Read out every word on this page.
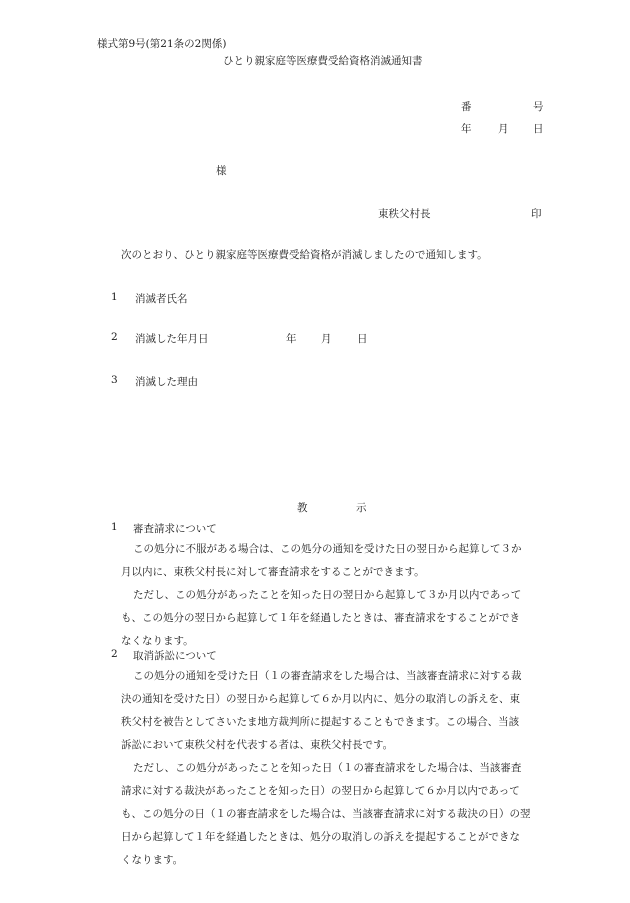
様式第9号(第21条の2関係)
ひとり親家庭等医療費受給資格消滅通知書
番	号
年	月 日
様
東秩父村長	印
次のとおり、ひとり親家庭等医療費受給資格が消滅しましたので通知します。
1 消滅者氏名
2 消滅した年月日	年 月 日
3 消滅した理由
教	示
1 審査請求について
この処分に不服がある場合は、この処分の通知を受けた日の翌日から起算して３か
月以内に、東秩父村長に対して審査請求をすることができます。
ただし、この処分があったことを知った日の翌日から起算して３か月以内であって
も、この処分の翌日から起算して１年を経過したときは、審査請求をすることができ
なくなります。
2 取消訴訟について
この処分の通知を受けた日（１の審査請求をした場合は、当該審査請求に対する裁
決の通知を受けた日）の翌日から起算して６か月以内に、処分の取消しの訴えを、東
秩父村を被告としてさいたま地方裁判所に提起することもできます。この場合、当該
訴訟において東秩父村を代表する者は、東秩父村長です。
ただし、この処分があったことを知った日（１の審査請求をした場合は、当該審査
請求に対する裁決があったことを知った日）の翌日から起算して６か月以内であって
も、この処分の日（１の審査請求をした場合は、当該審査請求に対する裁決の日）の翌
日から起算して１年を経過したときは、処分の取消しの訴えを提起することができな
くなります。
